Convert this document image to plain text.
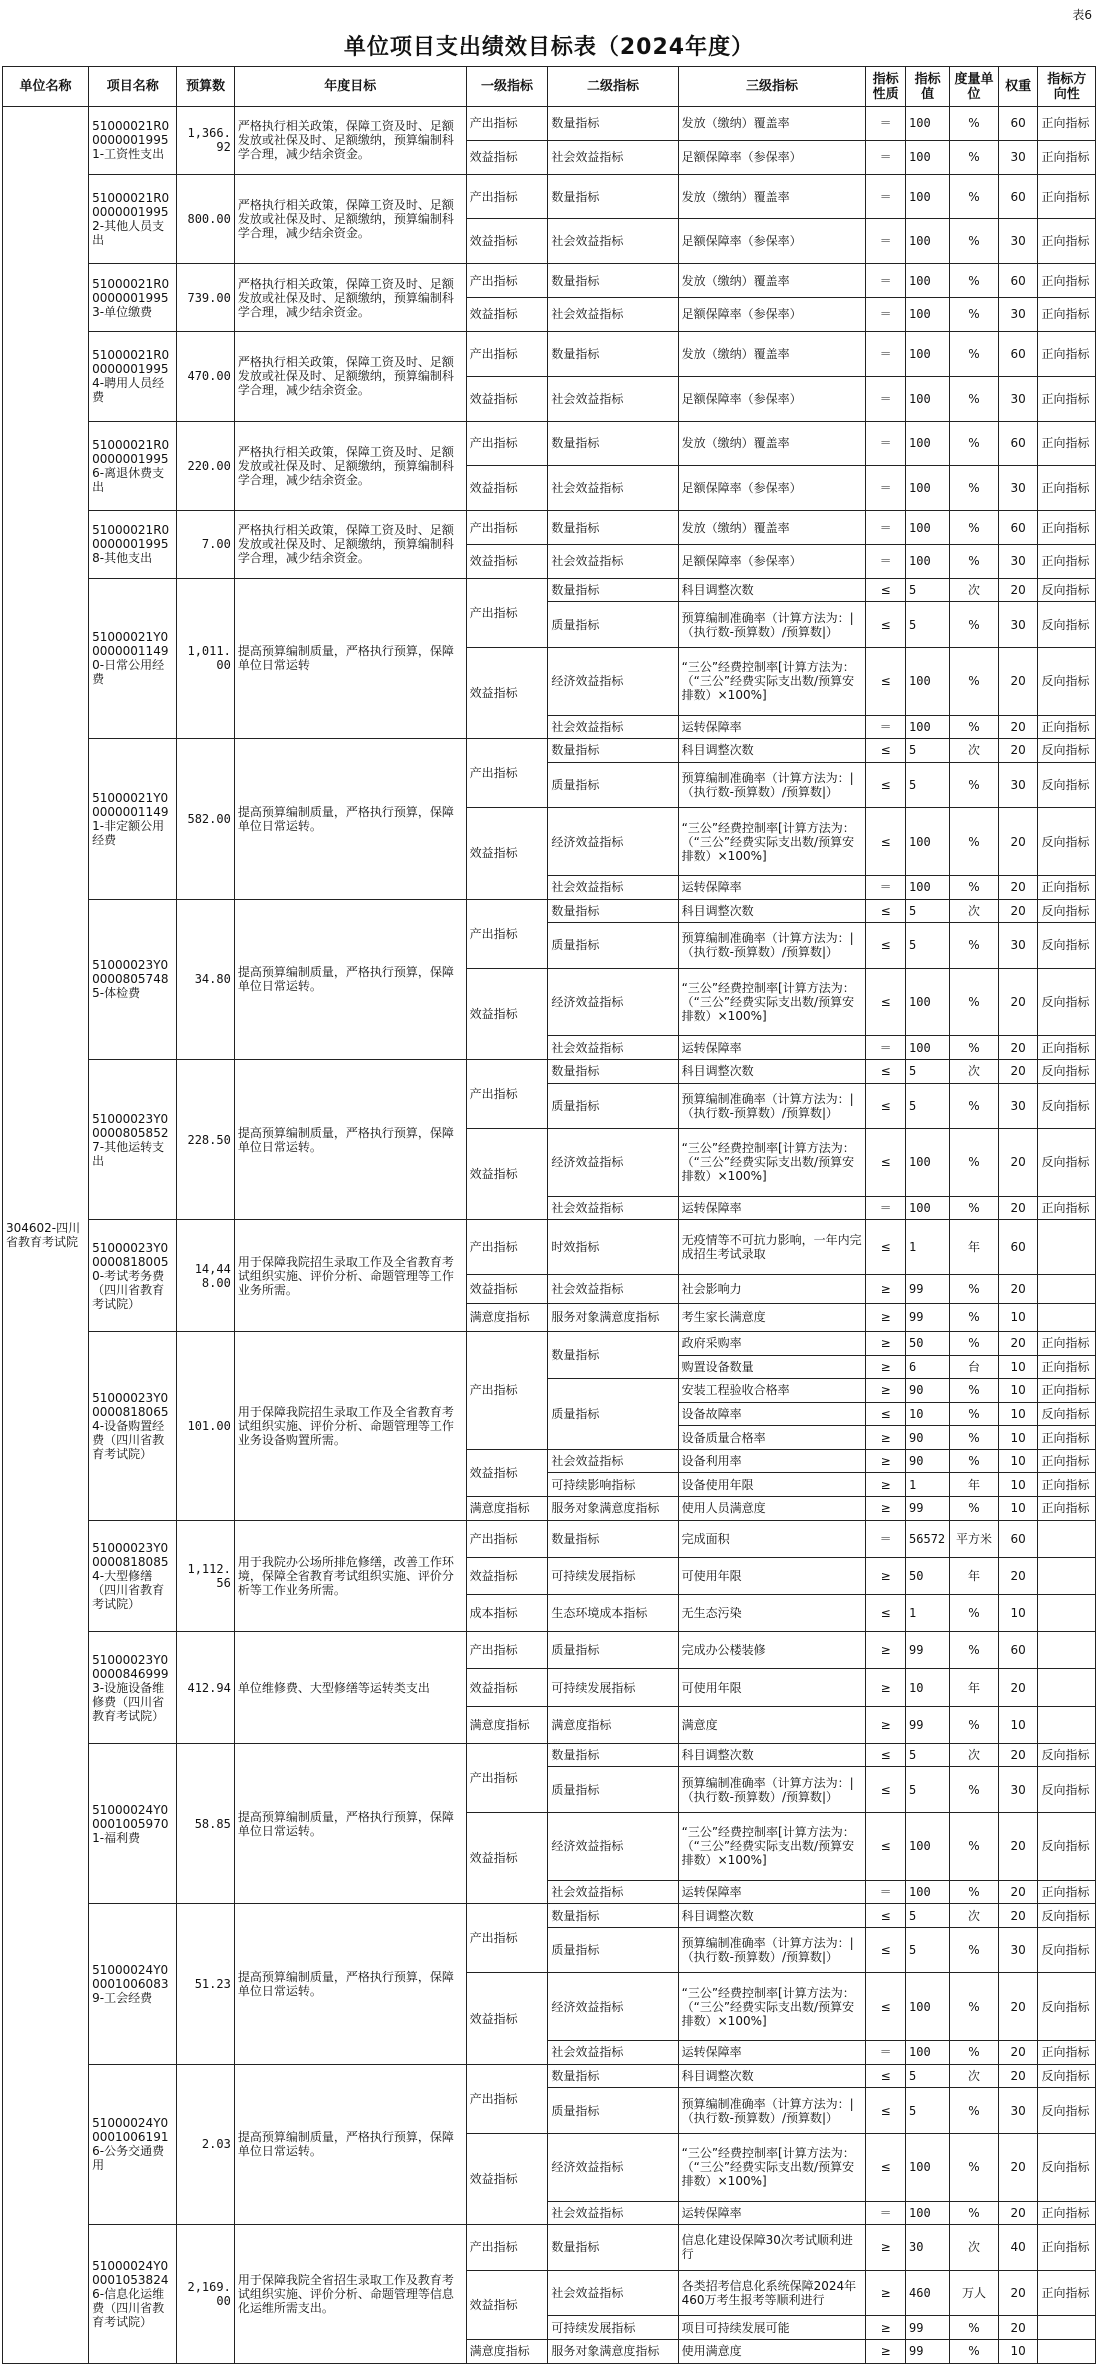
表6
单位项目支出绩效目标表（2024年度）
单位名称	项目名称	预算数	年度目标	一级指标	二级指标	三级指标	指标性质	指标值	度量单位	权重	指标方向性
304602-四川省教育考试院	51000021R000000019951-工资性支出	1,366.92	严格执行相关政策，保障工资及时、足额发放或社保及时、足额缴纳，预算编制科学合理，减少结余资金。	产出指标	数量指标	发放（缴纳）覆盖率	＝	100	%	60	正向指标
				效益指标	社会效益指标	足额保障率（参保率）	＝	100	%	30	正向指标
	51000021R000000019952-其他人员支出	800.00	严格执行相关政策，保障工资及时、足额发放或社保及时、足额缴纳，预算编制科学合理，减少结余资金。	产出指标	数量指标	发放（缴纳）覆盖率	＝	100	%	60	正向指标
				效益指标	社会效益指标	足额保障率（参保率）	＝	100	%	30	正向指标
	51000021R000000019953-单位缴费	739.00	严格执行相关政策，保障工资及时、足额发放或社保及时、足额缴纳，预算编制科学合理，减少结余资金。	产出指标	数量指标	发放（缴纳）覆盖率	＝	100	%	60	正向指标
				效益指标	社会效益指标	足额保障率（参保率）	＝	100	%	30	正向指标
	51000021R000000019954-聘用人员经费	470.00	严格执行相关政策，保障工资及时、足额发放或社保及时、足额缴纳，预算编制科学合理，减少结余资金。	产出指标	数量指标	发放（缴纳）覆盖率	＝	100	%	60	正向指标
				效益指标	社会效益指标	足额保障率（参保率）	＝	100	%	30	正向指标
	51000021R000000019956-离退休费支出	220.00	严格执行相关政策，保障工资及时、足额发放或社保及时、足额缴纳，预算编制科学合理，减少结余资金。	产出指标	数量指标	发放（缴纳）覆盖率	＝	100	%	60	正向指标
				效益指标	社会效益指标	足额保障率（参保率）	＝	100	%	30	正向指标
	51000021R000000019958-其他支出	7.00	严格执行相关政策，保障工资及时、足额发放或社保及时、足额缴纳，预算编制科学合理，减少结余资金。	产出指标	数量指标	发放（缴纳）覆盖率	＝	100	%	60	正向指标
				效益指标	社会效益指标	足额保障率（参保率）	＝	100	%	30	正向指标
	51000021Y000000011490-日常公用经费	1,011.00	提高预算编制质量，严格执行预算，保障单位日常运转	产出指标	数量指标	科目调整次数	≤	5	次	20	反向指标
					质量指标	预算编制准确率（计算方法为：|（执行数-预算数）/预算数|）	≤	5	%	30	反向指标
				效益指标	经济效益指标	“三公”经费控制率[计算方法为：（“三公”经费实际支出数/预算安排数）×100%]	≤	100	%	20	反向指标
					社会效益指标	运转保障率	＝	100	%	20	正向指标
	51000021Y000000011491-非定额公用经费	582.00	提高预算编制质量，严格执行预算，保障单位日常运转。	产出指标	数量指标	科目调整次数	≤	5	次	20	反向指标
					质量指标	预算编制准确率（计算方法为：|（执行数-预算数）/预算数|）	≤	5	%	30	反向指标
				效益指标	经济效益指标	“三公”经费控制率[计算方法为：（“三公”经费实际支出数/预算安排数）×100%]	≤	100	%	20	反向指标
					社会效益指标	运转保障率	＝	100	%	20	正向指标
	51000023Y000008057485-体检费	34.80	提高预算编制质量，严格执行预算，保障单位日常运转。	产出指标	数量指标	科目调整次数	≤	5	次	20	反向指标
					质量指标	预算编制准确率（计算方法为：|（执行数-预算数）/预算数|）	≤	5	%	30	反向指标
				效益指标	经济效益指标	“三公”经费控制率[计算方法为：（“三公”经费实际支出数/预算安排数）×100%]	≤	100	%	20	反向指标
					社会效益指标	运转保障率	＝	100	%	20	正向指标
	51000023Y000008058527-其他运转支出	228.50	提高预算编制质量，严格执行预算，保障单位日常运转。	产出指标	数量指标	科目调整次数	≤	5	次	20	反向指标
					质量指标	预算编制准确率（计算方法为：|（执行数-预算数）/预算数|）	≤	5	%	30	反向指标
				效益指标	经济效益指标	“三公”经费控制率[计算方法为：（“三公”经费实际支出数/预算安排数）×100%]	≤	100	%	20	反向指标
					社会效益指标	运转保障率	＝	100	%	20	正向指标
	51000023Y000008180050-考试考务费（四川省教育考试院）	14,448.00	用于保障我院招生录取工作及全省教育考试组织实施、评价分析、命题管理等工作业务所需。	产出指标	时效指标	无疫情等不可抗力影响，一年内完成招生考试录取	≤	1	年	60	
				效益指标	社会效益指标	社会影响力	≥	99	%	20	
				满意度指标	服务对象满意度指标	考生家长满意度	≥	99	%	10	
	51000023Y000008180654-设备购置经费（四川省教育考试院）	101.00	用于保障我院招生录取工作及全省教育考试组织实施、评价分析、命题管理等工作业务设备购置所需。	产出指标	数量指标	政府采购率	≥	50	%	20	正向指标
						购置设备数量	≥	6	台	10	正向指标
					质量指标	安装工程验收合格率	≥	90	%	10	正向指标
						设备故障率	≤	10	%	10	反向指标
						设备质量合格率	≥	90	%	10	正向指标
				效益指标	社会效益指标	设备利用率	≥	90	%	10	正向指标
					可持续影响指标	设备使用年限	≥	1	年	10	正向指标
				满意度指标	服务对象满意度指标	使用人员满意度	≥	99	%	10	正向指标
	51000023Y000008180854-大型修缮（四川省教育考试院）	1,112.56	用于我院办公场所排危修缮，改善工作环境，保障全省教育考试组织实施、评价分析等工作业务所需。	产出指标	数量指标	完成面积	＝	56572	平方米	60	
				效益指标	可持续发展指标	可使用年限	≥	50	年	20	
				成本指标	生态环境成本指标	无生态污染	≤	1	%	10	
	51000023Y000008469993-设施设备维修费（四川省教育考试院）	412.94	单位维修费、大型修缮等运转类支出	产出指标	质量指标	完成办公楼装修	≥	99	%	60	
				效益指标	可持续发展指标	可使用年限	≥	10	年	20	
				满意度指标	满意度指标	满意度	≥	99	%	10	
	51000024Y000010059701-福利费	58.85	提高预算编制质量，严格执行预算，保障单位日常运转。	产出指标	数量指标	科目调整次数	≤	5	次	20	反向指标
					质量指标	预算编制准确率（计算方法为：|（执行数-预算数）/预算数|）	≤	5	%	30	反向指标
				效益指标	经济效益指标	“三公”经费控制率[计算方法为：（“三公”经费实际支出数/预算安排数）×100%]	≤	100	%	20	反向指标
					社会效益指标	运转保障率	＝	100	%	20	正向指标
	51000024Y000010060839-工会经费	51.23	提高预算编制质量，严格执行预算，保障单位日常运转。	产出指标	数量指标	科目调整次数	≤	5	次	20	反向指标
					质量指标	预算编制准确率（计算方法为：|（执行数-预算数）/预算数|）	≤	5	%	30	反向指标
				效益指标	经济效益指标	“三公”经费控制率[计算方法为：（“三公”经费实际支出数/预算安排数）×100%]	≤	100	%	20	反向指标
					社会效益指标	运转保障率	＝	100	%	20	正向指标
	51000024Y000010061916-公务交通费用	2.03	提高预算编制质量，严格执行预算，保障单位日常运转。	产出指标	数量指标	科目调整次数	≤	5	次	20	反向指标
					质量指标	预算编制准确率（计算方法为：|（执行数-预算数）/预算数|）	≤	5	%	30	反向指标
				效益指标	经济效益指标	“三公”经费控制率[计算方法为：（“三公”经费实际支出数/预算安排数）×100%]	≤	100	%	20	反向指标
					社会效益指标	运转保障率	＝	100	%	20	正向指标
	51000024Y000010538246-信息化运维费（四川省教育考试院）	2,169.00	用于保障我院全省招生录取工作及教育考试组织实施、评价分析、命题管理等信息化运维所需支出。	产出指标	数量指标	信息化建设保障30次考试顺利进行	≥	30	次	40	正向指标
				效益指标	社会效益指标	各类招考信息化系统保障2024年460万考生报考等顺利进行	≥	460	万人	20	正向指标
					可持续发展指标	项目可持续发展可能	≥	99	%	20	
				满意度指标	服务对象满意度指标	使用满意度	≥	99	%	10	
